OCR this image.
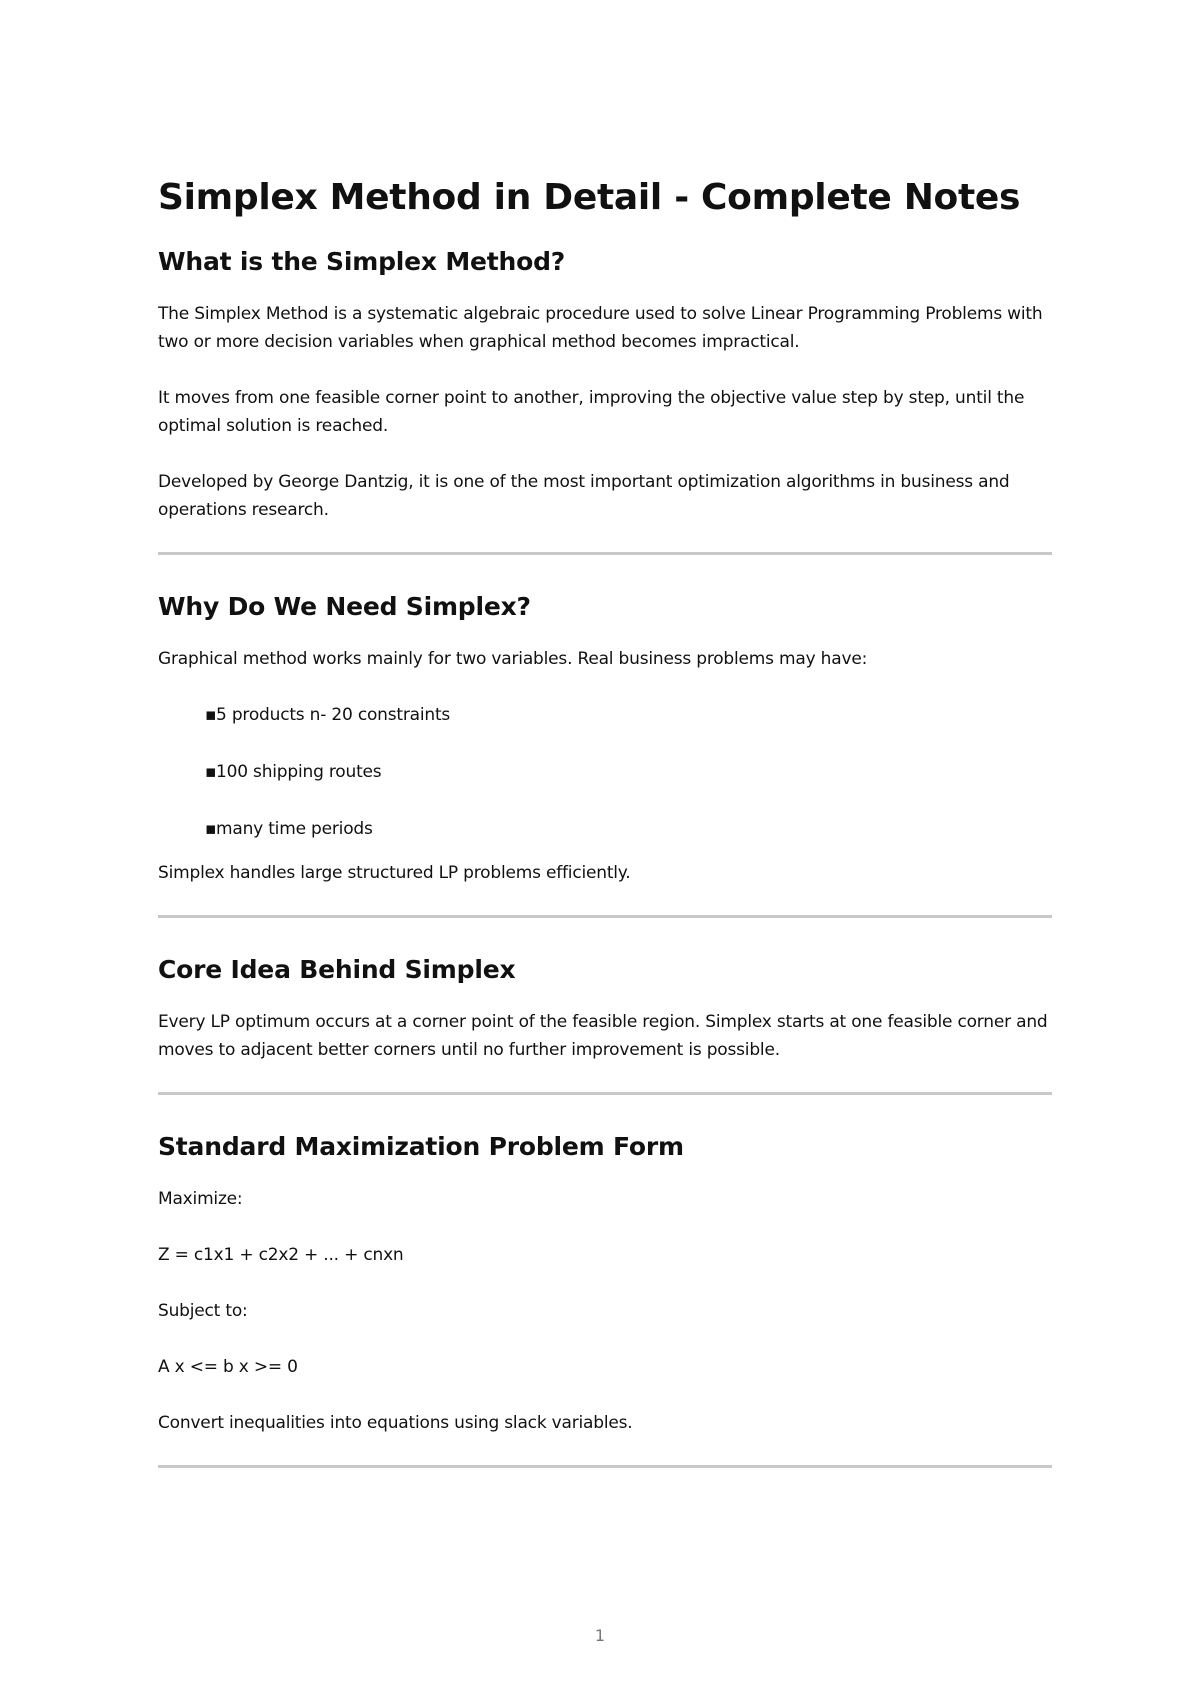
Simplex Method in Detail - Complete Notes
What is the Simplex Method?

The Simplex Method is a systematic algebraic procedure used to solve Linear Programming Problems with two or more decision variables when graphical method becomes impractical.

It moves from one feasible corner point to another, improving the objective value step by step, until the optimal solution is reached.

Developed by George Dantzig, it is one of the most important optimization algorithms in business and operations research.

Why Do We Need Simplex?

Graphical method works mainly for two variables. Real business problems may have:

▪5 products n- 20 constraints
▪100 shipping routes
▪many time periods

Simplex handles large structured LP problems efficiently.

Core Idea Behind Simplex

Every LP optimum occurs at a corner point of the feasible region. Simplex starts at one feasible corner and moves to adjacent better corners until no further improvement is possible.

Standard Maximization Problem Form

Maximize:

Z = c1x1 + c2x2 + ... + cnxn

Subject to:

A x <= b x >= 0

Convert inequalities into equations using slack variables.

1
